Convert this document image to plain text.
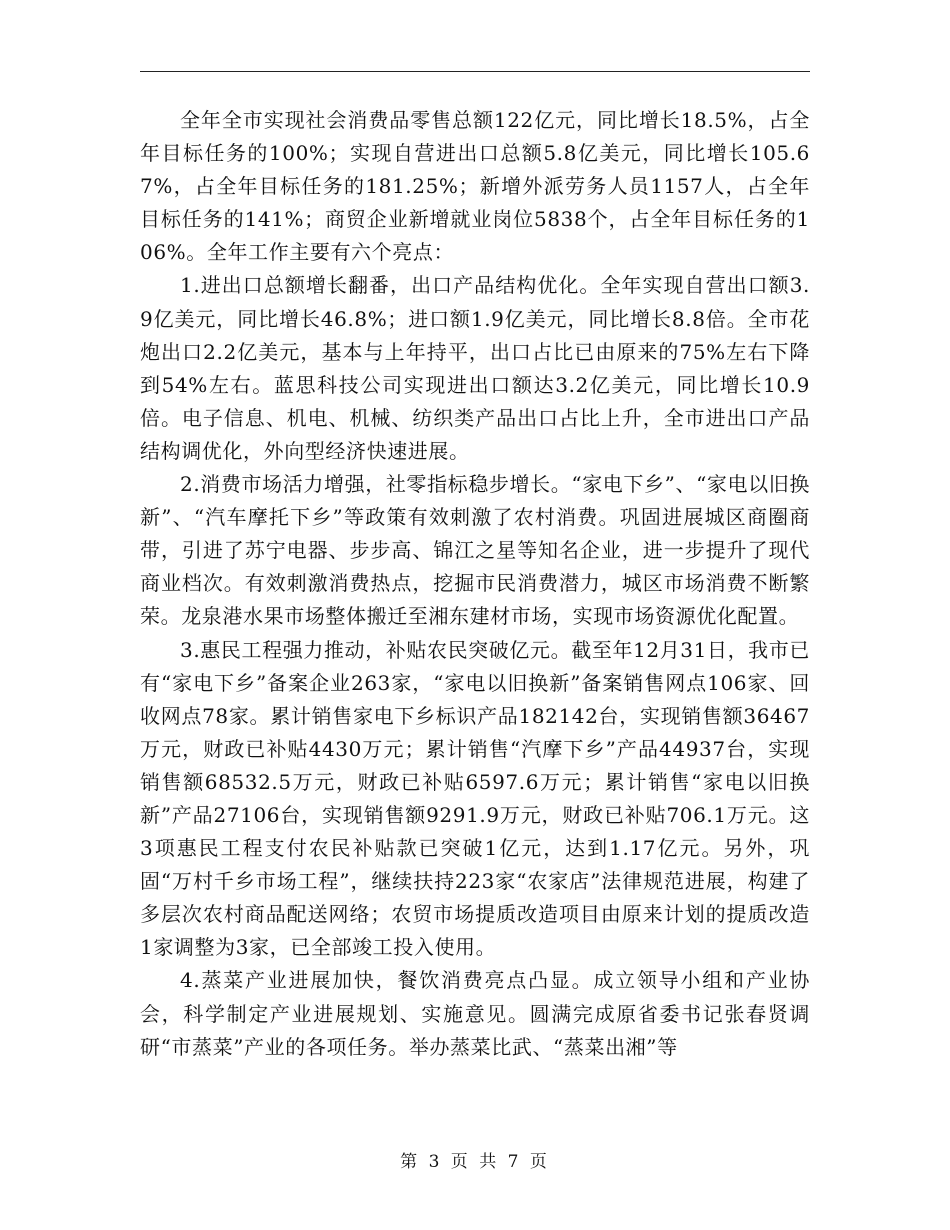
全年全市实现社会消费品零售总额122亿元，同比增长18.5%，占全年目标任务的100%；实现自营进出口总额5.8亿美元，同比增长105.67%，占全年目标任务的181.25%；新增外派劳务人员1157人，占全年目标任务的141%；商贸企业新增就业岗位5838个，占全年目标任务的106%。全年工作主要有六个亮点：

1.进出口总额增长翻番，出口产品结构优化。全年实现自营出口额3.9亿美元，同比增长46.8%；进口额1.9亿美元，同比增长8.8倍。全市花炮出口2.2亿美元，基本与上年持平，出口占比已由原来的75%左右下降到54%左右。蓝思科技公司实现进出口额达3.2亿美元，同比增长10.9倍。电子信息、机电、机械、纺织类产品出口占比上升，全市进出口产品结构调优化，外向型经济快速进展。

2.消费市场活力增强，社零指标稳步增长。“家电下乡”、“家电以旧换新”、“汽车摩托下乡”等政策有效刺激了农村消费。巩固进展城区商圈商带，引进了苏宁电器、步步高、锦江之星等知名企业，进一步提升了现代商业档次。有效刺激消费热点，挖掘市民消费潜力，城区市场消费不断繁荣。龙泉港水果市场整体搬迁至湘东建材市场，实现市场资源优化配置。

3.惠民工程强力推动，补贴农民突破亿元。截至年12月31日，我市已有“家电下乡”备案企业263家，“家电以旧换新”备案销售网点106家、回收网点78家。累计销售家电下乡标识产品182142台，实现销售额36467万元，财政已补贴4430万元；累计销售“汽摩下乡”产品44937台，实现销售额68532.5万元，财政已补贴6597.6万元；累计销售“家电以旧换新”产品27106台，实现销售额9291.9万元，财政已补贴706.1万元。这3项惠民工程支付农民补贴款已突破1亿元，达到1.17亿元。另外，巩固“万村千乡市场工程”，继续扶持223家“农家店”法律规范进展，构建了多层次农村商品配送网络；农贸市场提质改造项目由原来计划的提质改造1家调整为3家，已全部竣工投入使用。

4.蒸菜产业进展加快，餐饮消费亮点凸显。成立领导小组和产业协会，科学制定产业进展规划、实施意见。圆满完成原省委书记张春贤调研“市蒸菜”产业的各项任务。举办蒸菜比武、“蒸菜出湘”等

第 3 页 共 7 页
